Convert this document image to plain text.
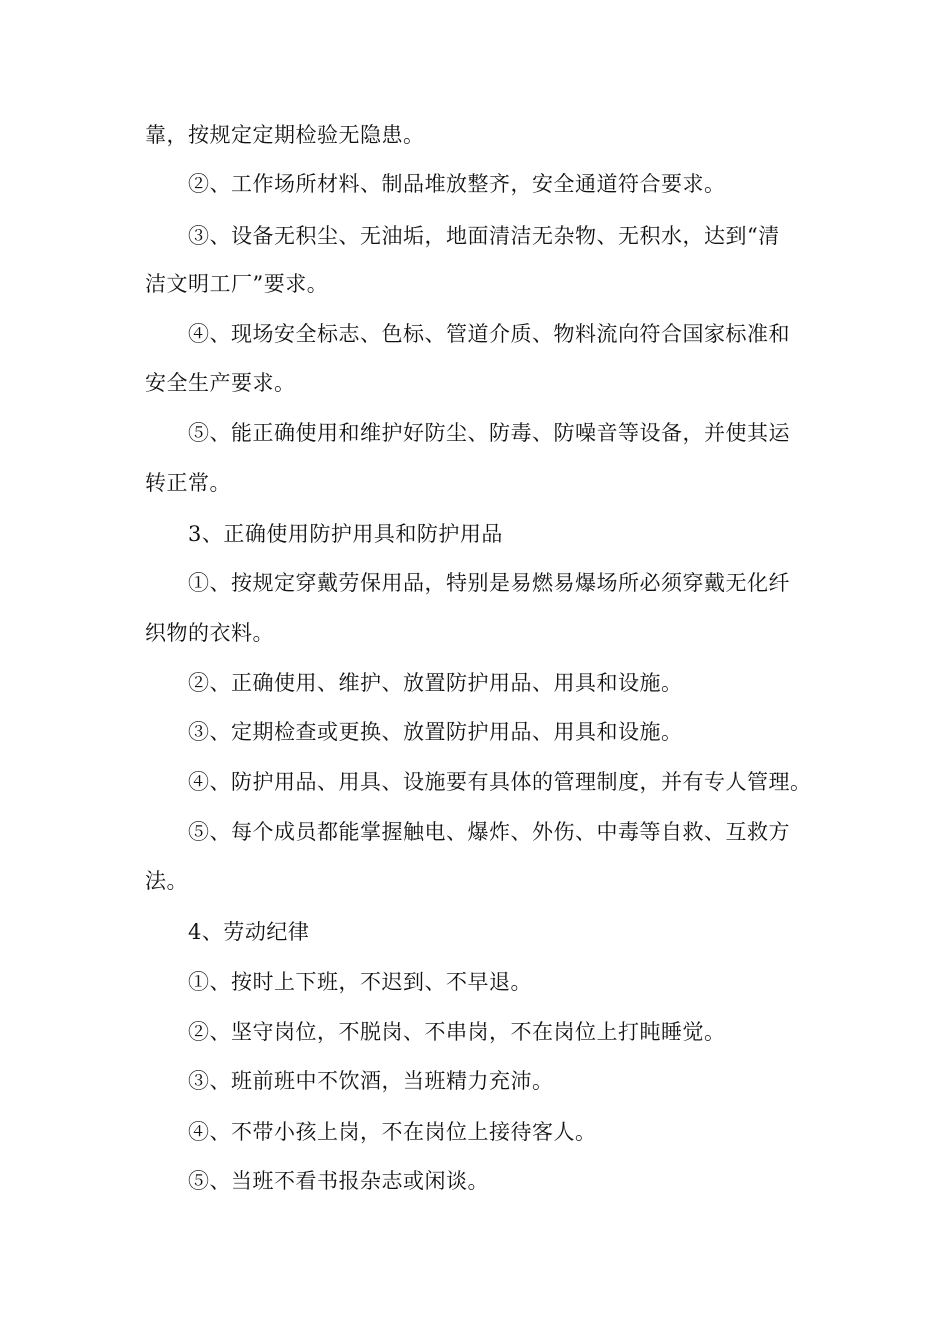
靠，按规定定期检验无隐患。
②、工作场所材料、制品堆放整齐，安全通道符合要求。
③、设备无积尘、无油垢，地面清洁无杂物、无积水，达到“清
洁文明工厂”要求。
④、现场安全标志、色标、管道介质、物料流向符合国家标准和
安全生产要求。
⑤、能正确使用和维护好防尘、防毒、防噪音等设备，并使其运
转正常。
3、正确使用防护用具和防护用品
①、按规定穿戴劳保用品，特别是易燃易爆场所必须穿戴无化纤
织物的衣料。
②、正确使用、维护、放置防护用品、用具和设施。
③、定期检查或更换、放置防护用品、用具和设施。
④、防护用品、用具、设施要有具体的管理制度，并有专人管理。
⑤、每个成员都能掌握触电、爆炸、外伤、中毒等自救、互救方
法。
4、劳动纪律
①、按时上下班，不迟到、不早退。
②、坚守岗位，不脱岗、不串岗，不在岗位上打盹睡觉。
③、班前班中不饮酒，当班精力充沛。
④、不带小孩上岗，不在岗位上接待客人。
⑤、当班不看书报杂志或闲谈。
